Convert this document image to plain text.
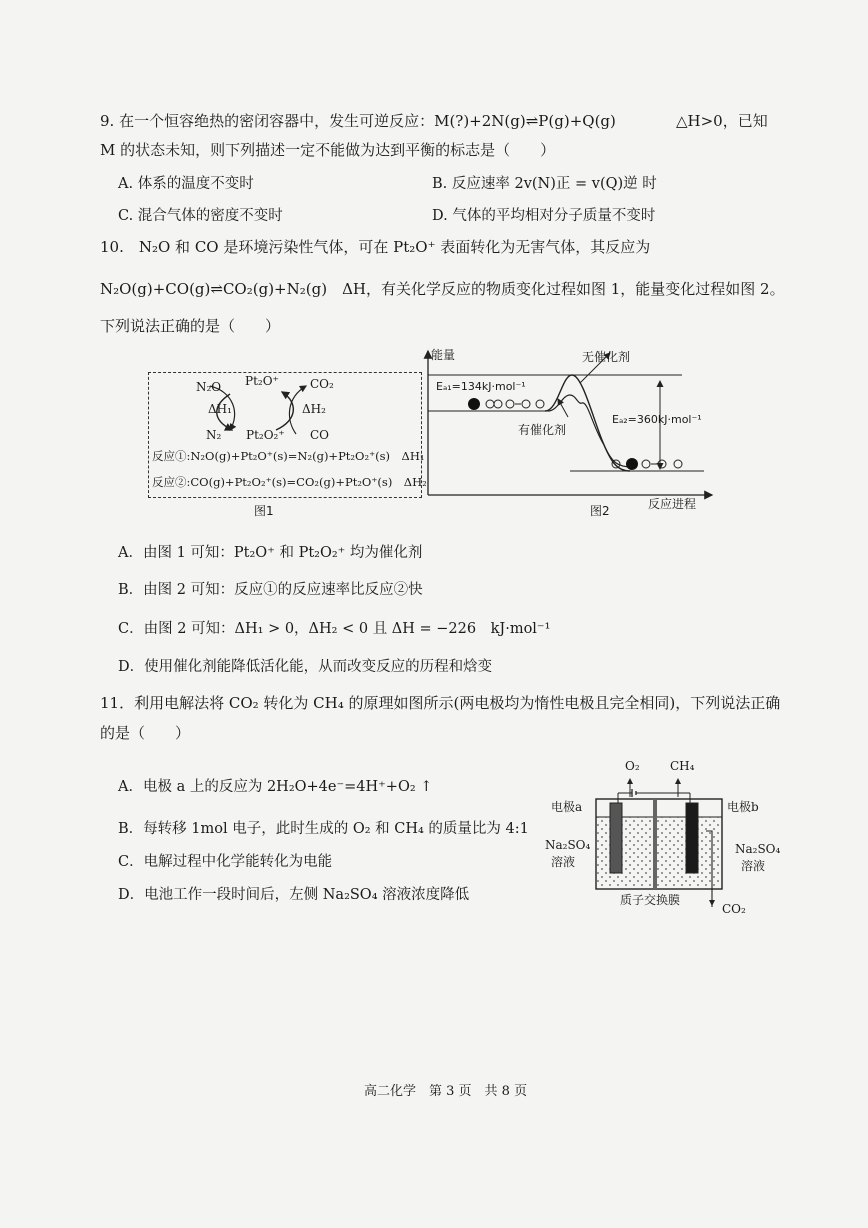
9. 在一个恒容绝热的密闭容器中，发生可逆反应：M(?)+2N(g)⇌P(g)+Q(g)	△H>0，已知
M 的状态未知，则下列描述一定不能做为达到平衡的标志是（　　）
A. 体系的温度不变时	B. 反应速率 2v(N)正 = v(Q)逆 时
C. 混合气体的密度不变时	D. 气体的平均相对分子质量不变时
10.　N₂O 和 CO 是环境污染性气体，可在 Pt₂O⁺ 表面转化为无害气体，其反应为
N₂O(g)+CO(g)⇌CO₂(g)+N₂(g)　ΔH，有关化学反应的物质变化过程如图 1，能量变化过程如图 2。
下列说法正确的是（　　）
N₂O Pt₂O⁺	CO₂
ΔH₁	ΔH₂
N₂ Pt₂O₂⁺ CO
反应①:N₂O(g)+Pt₂O⁺(s)=N₂(g)+Pt₂O₂⁺(s)　ΔH₁
反应②:CO(g)+Pt₂O₂⁺(s)=CO₂(g)+Pt₂O⁺(s)　ΔH₂
图1
能量	无催化剂
Eₐ₁=134kJ·mol⁻¹
有催化剂
Eₐ₂=360kJ·mol⁻¹
反应进程
图2
A．由图 1 可知：Pt₂O⁺ 和 Pt₂O₂⁺ 均为催化剂
B．由图 2 可知：反应①的反应速率比反应②快
C．由图 2 可知：ΔH₁ > 0，ΔH₂ < 0 且 ΔH = −226　kJ·mol⁻¹
D．使用催化剂能降低活化能，从而改变反应的历程和焓变
11．利用电解法将 CO₂ 转化为 CH₄ 的原理如图所示(两电极均为惰性电极且完全相同)，下列说法正确
的是（　　）
A．电极 a 上的反应为 2H₂O+4e⁻=4H⁺+O₂ ↑
B．每转移 1mol 电子，此时生成的 O₂ 和 CH₄ 的质量比为 4:1
C．电解过程中化学能转化为电能
D．电池工作一段时间后，左侧 Na₂SO₄ 溶液浓度降低
O₂	CH₄
电极a	电极b
Na₂SO₄
溶液
Na₂SO₄
溶液
质子交换膜
CO₂
高二化学　第 3 页　共 8 页
